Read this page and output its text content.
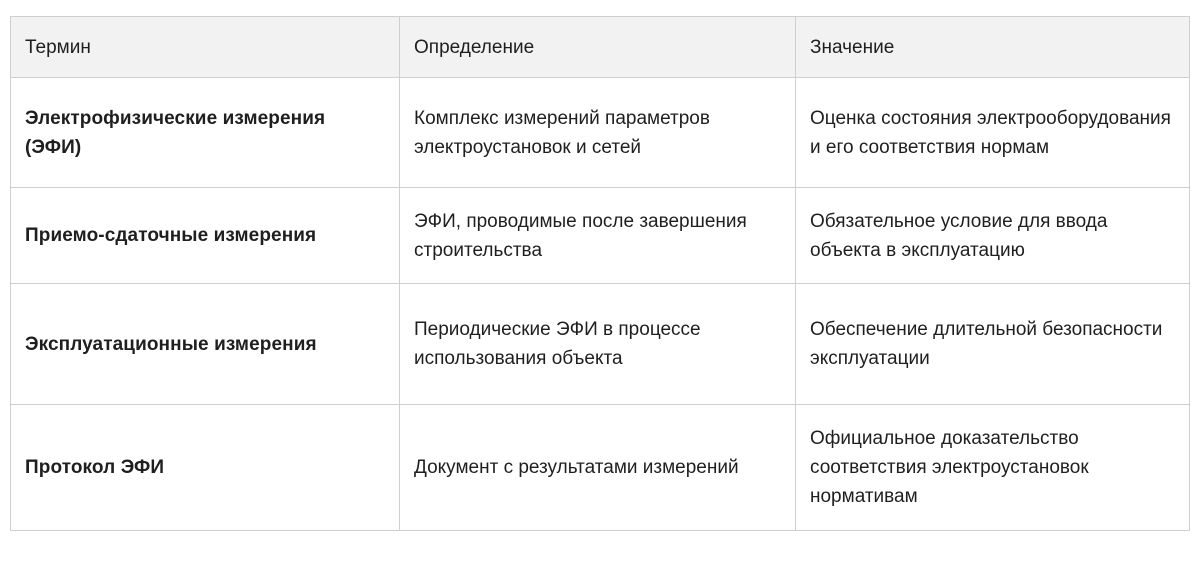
Термин	Определение	Значение
Электрофизические измерения (ЭФИ)	Комплекс измерений параметров электроустановок и сетей	Оценка состояния электрооборудования и его соответствия нормам
Приемо-сдаточные измерения	ЭФИ, проводимые после завершения строительства	Обязательное условие для ввода объекта в эксплуатацию
Эксплуатационные измерения	Периодические ЭФИ в процессе использования объекта	Обеспечение длительной безопасности эксплуатации
Протокол ЭФИ	Документ с результатами измерений	Официальное доказательство соответствия электроустановок нормативам
